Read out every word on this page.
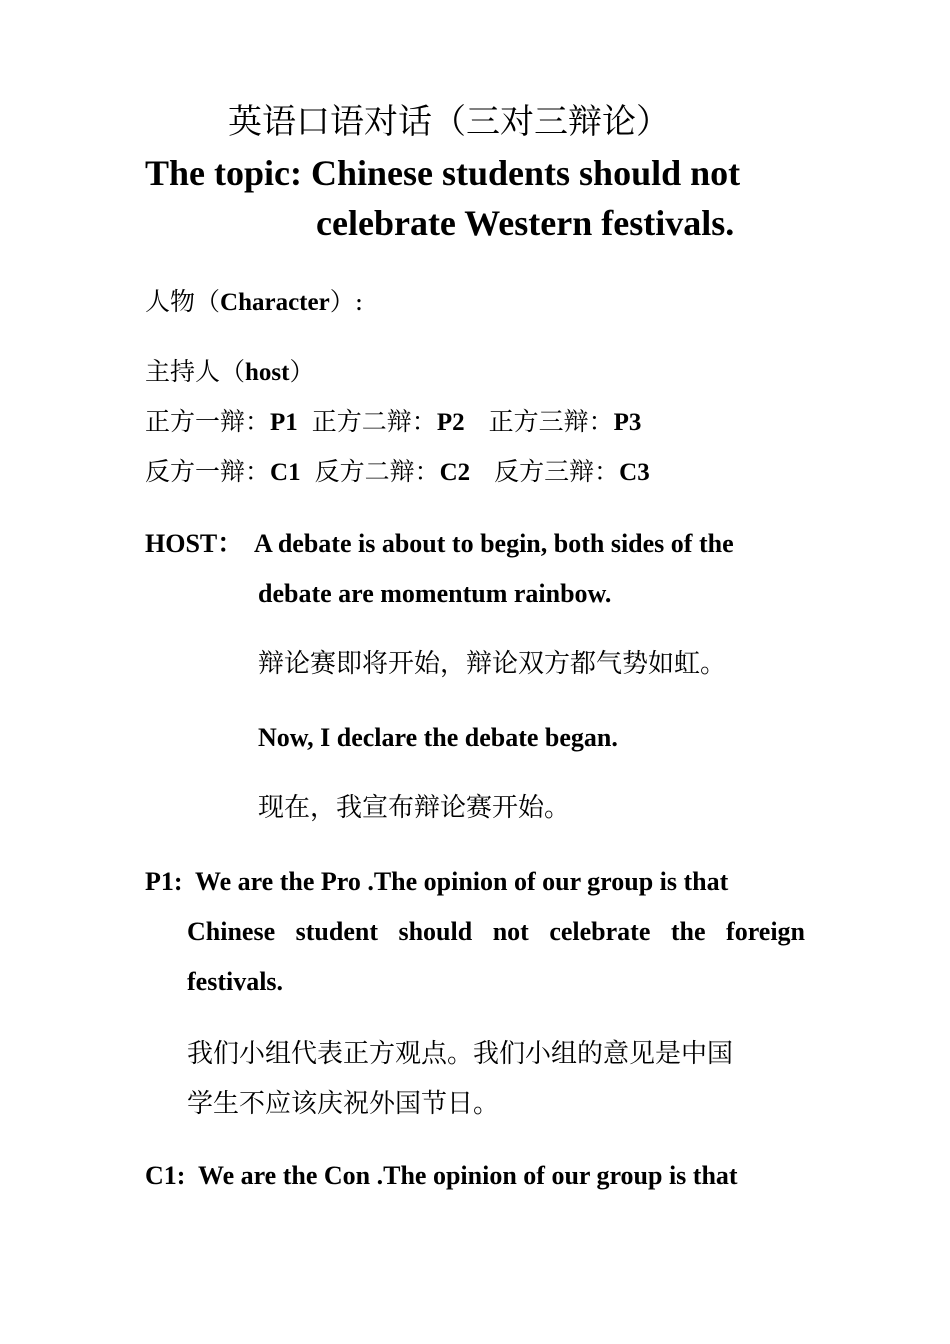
英语口语对话（三对三辩论）
The topic: Chinese students should not
celebrate Western festivals.
人物（Character）:
主持人（host）
正方一辩：P1 正方二辩：P2 正方三辩：P3
反方一辩：C1 反方二辩：C2 反方三辩：C3
HOST： A debate is about to begin, both sides of the
debate are momentum rainbow.
辩论赛即将开始，辩论双方都气势如虹。
Now, I declare the debate began.
现在，我宣布辩论赛开始。
P1: We are the Pro .The opinion of our group is that
Chinese student should not celebrate the foreign
festivals.
我们小组代表正方观点。我们小组的意见是中国
学生不应该庆祝外国节日。
C1: We are the Con .The opinion of our group is that
